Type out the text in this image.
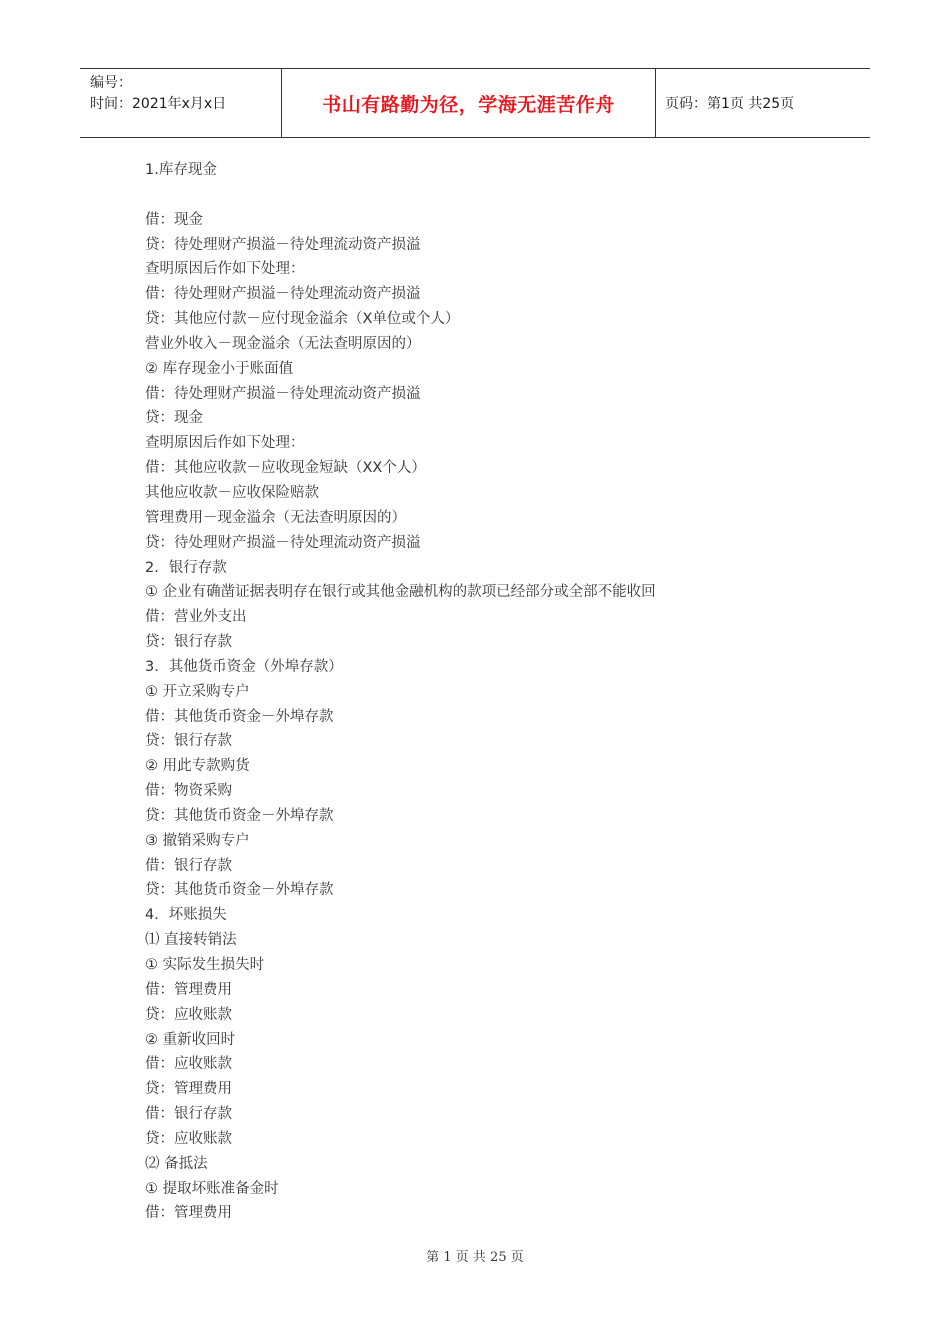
编号：
时间：2021年x月x日	书山有路勤为径，学海无涯苦作舟	页码：第1页 共25页
1.库存现金
借：现金
贷：待处理财产损溢－待处理流动资产损溢
查明原因后作如下处理：
借：待处理财产损溢－待处理流动资产损溢
贷：其他应付款－应付现金溢余（X单位或个人）
营业外收入－现金溢余（无法查明原因的）
② 库存现金小于账面值
借：待处理财产损溢－待处理流动资产损溢
贷：现金
查明原因后作如下处理：
借：其他应收款－应收现金短缺（XX个人）
其他应收款－应收保险赔款
管理费用－现金溢余（无法查明原因的）
贷：待处理财产损溢－待处理流动资产损溢
2．银行存款
① 企业有确凿证据表明存在银行或其他金融机构的款项已经部分或全部不能收回
借：营业外支出
贷：银行存款
3．其他货币资金（外埠存款）
① 开立采购专户
借：其他货币资金－外埠存款
贷：银行存款
② 用此专款购货
借：物资采购
贷：其他货币资金－外埠存款
③ 撤销采购专户
借：银行存款
贷：其他货币资金－外埠存款
4．坏账损失
⑴ 直接转销法
① 实际发生损失时
借：管理费用
贷：应收账款
② 重新收回时
借：应收账款
贷：管理费用
借：银行存款
贷：应收账款
⑵ 备抵法
① 提取坏账准备金时
借：管理费用
第 1 页 共 25 页
